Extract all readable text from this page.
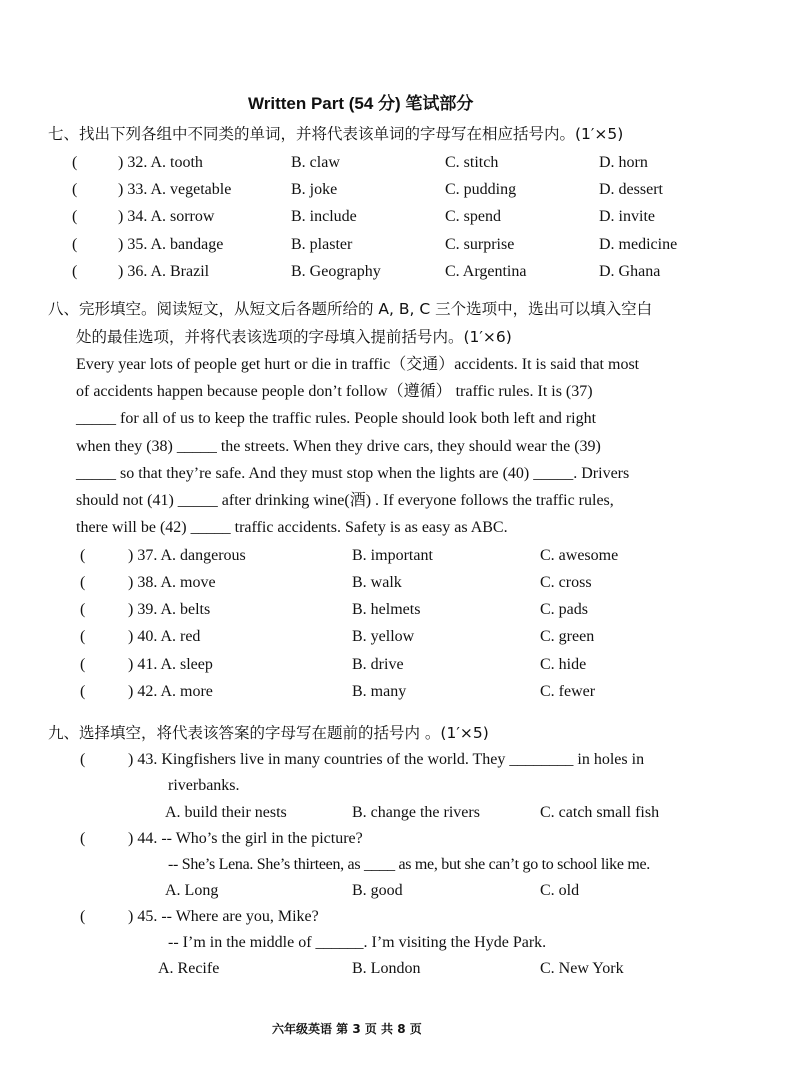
Written Part (54 分) 笔试部分
七、找出下列各组中不同类的单词，并将代表该单词的字母写在相应括号内。(1′×5)
(	) 32. A. tooth	B. claw	C. stitch	D. horn
(	) 33. A. vegetable	B. joke	C. pudding	D. dessert
(	) 34. A. sorrow	B. include	C. spend	D. invite
(	) 35. A. bandage	B. plaster	C. surprise	D. medicine
(	) 36. A. Brazil	B. Geography	C. Argentina	D. Ghana
八、完形填空。阅读短文，从短文后各题所给的 A, B, C 三个选项中，选出可以填入空白
处的最佳选项，并将代表该选项的字母填入提前括号内。(1′×6)
Every year lots of people get hurt or die in traffic（交通）accidents. It is said that most
of accidents happen because people don’t follow（遵循） traffic rules. It is (37)
_____ for all of us to keep the traffic rules. People should look both left and right
when they (38) _____ the streets. When they drive cars, they should wear the (39)
_____ so that they’re safe. And they must stop when the lights are (40) _____. Drivers
should not (41) _____ after drinking wine(酒) . If everyone follows the traffic rules,
there will be (42) _____ traffic accidents. Safety is as easy as ABC.
(	) 37. A. dangerous	B. important	C. awesome
(	) 38. A. move	B. walk	C. cross
(	) 39. A. belts	B. helmets	C. pads
(	) 40. A. red	B. yellow	C. green
(	) 41. A. sleep	B. drive	C. hide
(	) 42. A. more	B. many	C. fewer
九、选择填空，将代表该答案的字母写在题前的括号内 。(1′×5)
(	) 43. Kingfishers live in many countries of the world. They ________ in holes in
riverbanks.
A. build their nests	B. change the rivers	C. catch small fish
(	) 44. -- Who’s the girl in the picture?
-- She’s Lena. She’s thirteen, as ____ as me, but she can’t go to school like me.
A. Long	B. good	C. old
(	) 45. -- Where are you, Mike?
-- I’m in the middle of ______. I’m visiting the Hyde Park.
A. Recife	B. London	C. New York
六年级英语 第 3 页 共 8 页
